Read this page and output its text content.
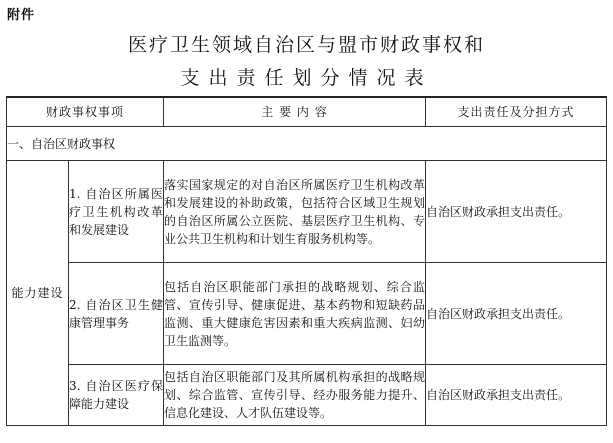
附件
医疗卫生领域自治区与盟市财政事权和
支出责任划分情况表
财政事权事项		主 要 内 容	支出责任及分担方式
一、自治区财政事权			
能力建设	1. 自治区所属医疗卫生机构改革和发展建设	落实国家规定的对自治区所属医疗卫生机构改革和发展建设的补助政策，包括符合区域卫生规划的自治区所属公立医院、基层医疗卫生机构、专业公共卫生机构和计划生育服务机构等。	自治区财政承担支出责任。
	2. 自治区卫生健康管理事务	包括自治区职能部门承担的战略规划、综合监管、宣传引导、健康促进、基本药物和短缺药品监测、重大健康危害因素和重大疾病监测、妇幼卫生监测等。	自治区财政承担支出责任。
	3. 自治区医疗保障能力建设	包括自治区职能部门及其所属机构承担的战略规划、综合监管、宣传引导、经办服务能力提升、信息化建设、人才队伍建设等。	自治区财政承担支出责任。
